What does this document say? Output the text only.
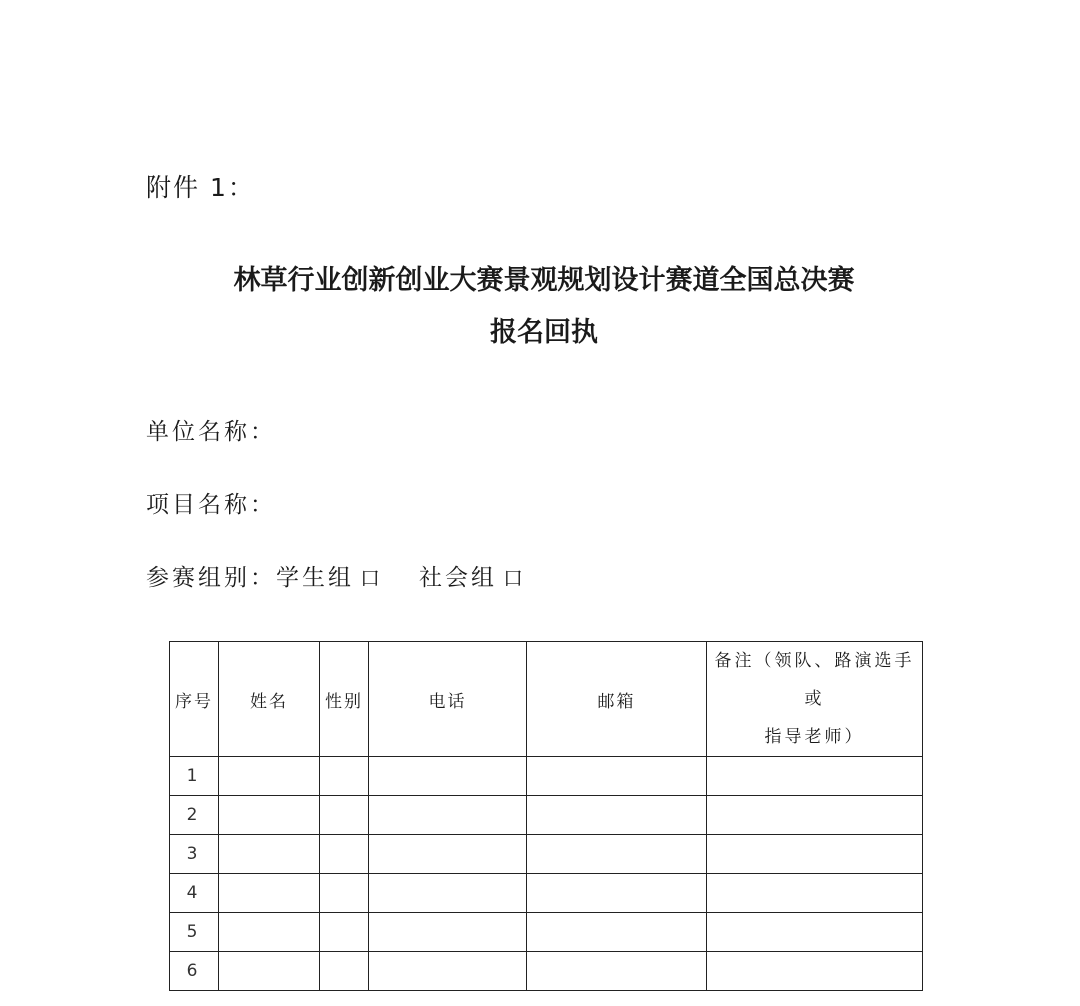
附件 1：
林草行业创新创业大赛景观规划设计赛道全国总决赛
报名回执

单位名称：

项目名称：

参赛组别：学生组 口 社会组 口

序号	姓名	性别	电话	邮箱	备注（领队、路演选手或
指导老师）
1					
2					
3					
4					
5					
6					
